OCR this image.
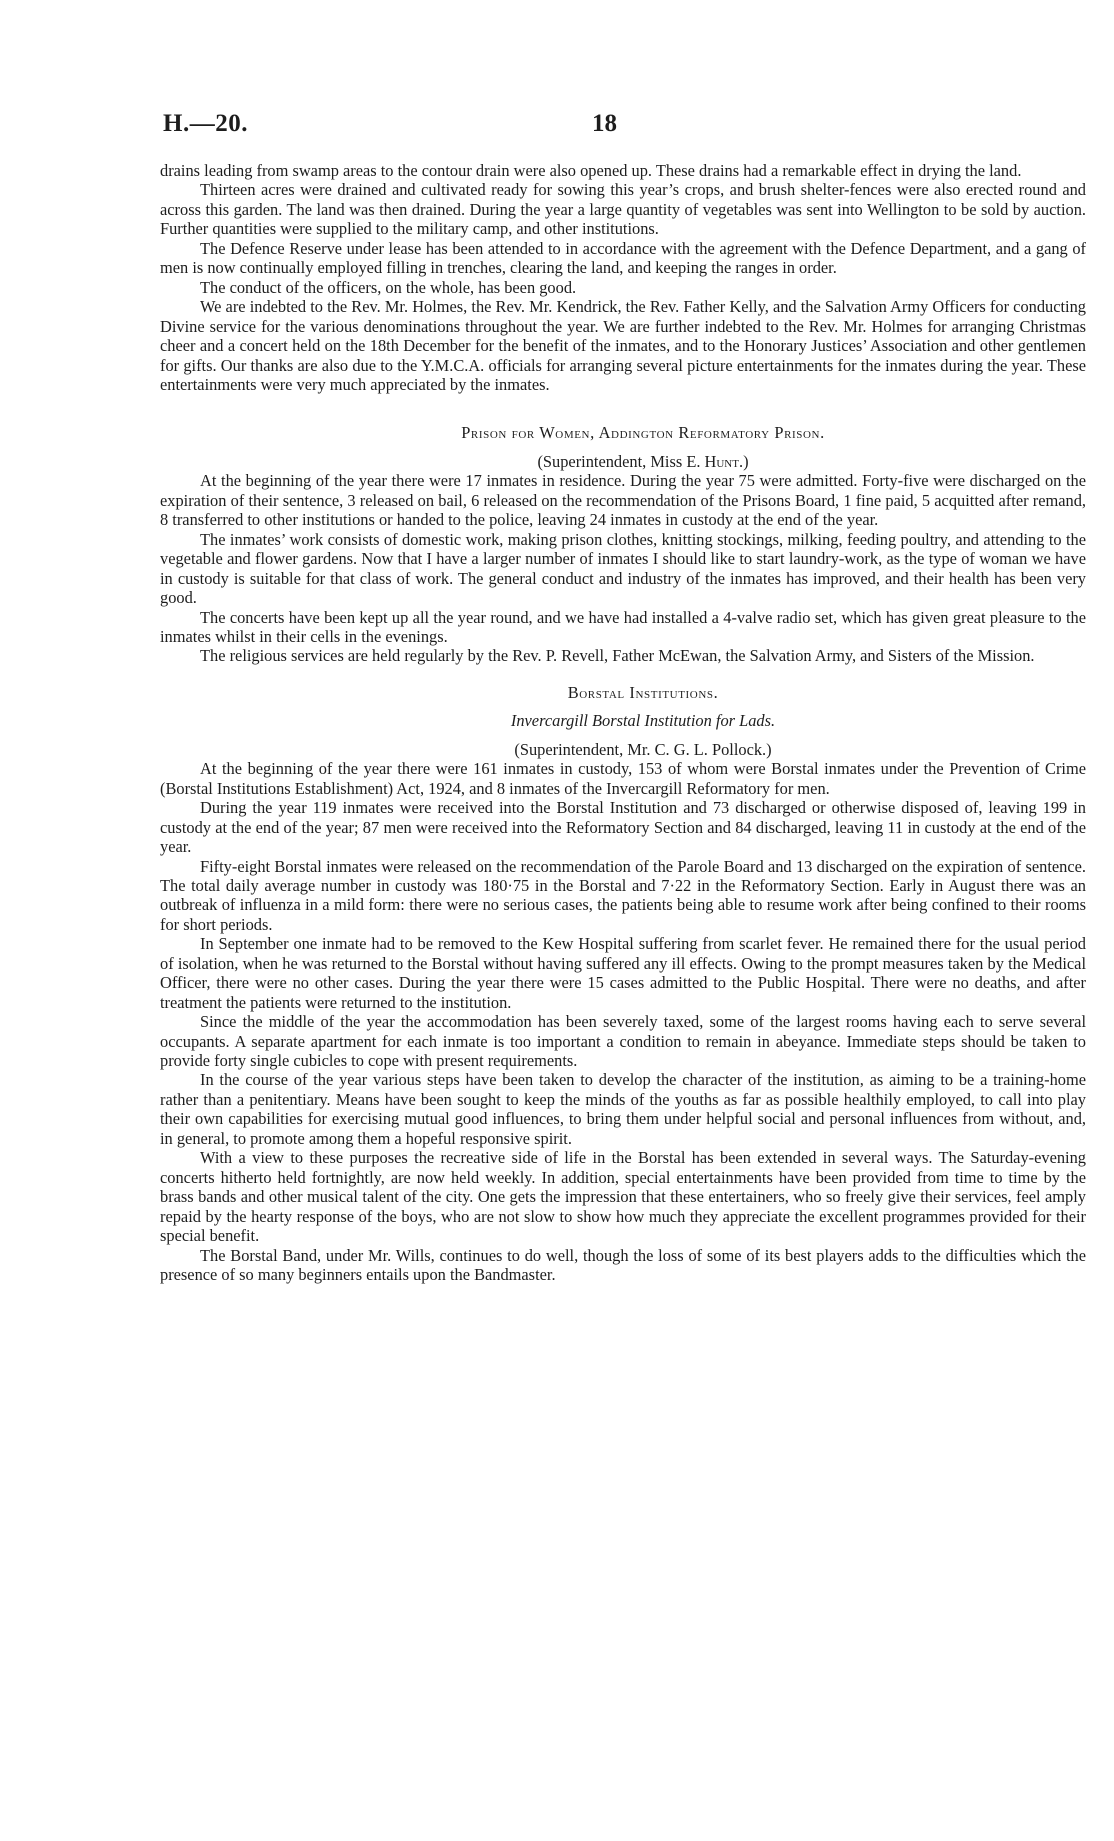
H.—20.	18

drains leading from swamp areas to the contour drain were also opened up. These drains had a remarkable effect in drying the land.

Thirteen acres were drained and cultivated ready for sowing this year’s crops, and brush shelter-fences were also erected round and across this garden. The land was then drained. During the year a large quantity of vegetables was sent into Wellington to be sold by auction. Further quantities were supplied to the military camp, and other institutions.

The Defence Reserve under lease has been attended to in accordance with the agreement with the Defence Department, and a gang of men is now continually employed filling in trenches, clearing the land, and keeping the ranges in order.

The conduct of the officers, on the whole, has been good.

We are indebted to the Rev. Mr. Holmes, the Rev. Mr. Kendrick, the Rev. Father Kelly, and the Salvation Army Officers for conducting Divine service for the various denominations throughout the year. We are further indebted to the Rev. Mr. Holmes for arranging Christmas cheer and a concert held on the 18th December for the benefit of the inmates, and to the Honorary Justices’ Association and other gentlemen for gifts. Our thanks are also due to the Y.M.C.A. officials for arranging several picture entertainments for the inmates during the year. These entertainments were very much appreciated by the inmates.

Prison for Women, Addington Reformatory Prison.

(Superintendent, Miss E. Hunt.)

At the beginning of the year there were 17 inmates in residence. During the year 75 were admitted. Forty-five were discharged on the expiration of their sentence, 3 released on bail, 6 released on the recommendation of the Prisons Board, 1 fine paid, 5 acquitted after remand, 8 transferred to other institutions or handed to the police, leaving 24 inmates in custody at the end of the year.

The inmates’ work consists of domestic work, making prison clothes, knitting stockings, milking, feeding poultry, and attending to the vegetable and flower gardens. Now that I have a larger number of inmates I should like to start laundry-work, as the type of woman we have in custody is suitable for that class of work. The general conduct and industry of the inmates has improved, and their health has been very good.

The concerts have been kept up all the year round, and we have had installed a 4-valve radio set, which has given great pleasure to the inmates whilst in their cells in the evenings.

The religious services are held regularly by the Rev. P. Revell, Father McEwan, the Salvation Army, and Sisters of the Mission.

Borstal Institutions.

Invercargill Borstal Institution for Lads.

(Superintendent, Mr. C. G. L. Pollock.)

At the beginning of the year there were 161 inmates in custody, 153 of whom were Borstal inmates under the Prevention of Crime (Borstal Institutions Establishment) Act, 1924, and 8 inmates of the Invercargill Reformatory for men.

During the year 119 inmates were received into the Borstal Institution and 73 discharged or otherwise disposed of, leaving 199 in custody at the end of the year; 87 men were received into the Reformatory Section and 84 discharged, leaving 11 in custody at the end of the year.

Fifty-eight Borstal inmates were released on the recommendation of the Parole Board and 13 discharged on the expiration of sentence. The total daily average number in custody was 180·75 in the Borstal and 7·22 in the Reformatory Section. Early in August there was an outbreak of influenza in a mild form: there were no serious cases, the patients being able to resume work after being confined to their rooms for short periods.

In September one inmate had to be removed to the Kew Hospital suffering from scarlet fever. He remained there for the usual period of isolation, when he was returned to the Borstal without having suffered any ill effects. Owing to the prompt measures taken by the Medical Officer, there were no other cases. During the year there were 15 cases admitted to the Public Hospital. There were no deaths, and after treatment the patients were returned to the institution.

Since the middle of the year the accommodation has been severely taxed, some of the largest rooms having each to serve several occupants. A separate apartment for each inmate is too important a condition to remain in abeyance. Immediate steps should be taken to provide forty single cubicles to cope with present requirements.

In the course of the year various steps have been taken to develop the character of the institution, as aiming to be a training-home rather than a penitentiary. Means have been sought to keep the minds of the youths as far as possible healthily employed, to call into play their own capabilities for exercising mutual good influences, to bring them under helpful social and personal influences from without, and, in general, to promote among them a hopeful responsive spirit.

With a view to these purposes the recreative side of life in the Borstal has been extended in several ways. The Saturday-evening concerts hitherto held fortnightly, are now held weekly. In addition, special entertainments have been provided from time to time by the brass bands and other musical talent of the city. One gets the impression that these entertainers, who so freely give their services, feel amply repaid by the hearty response of the boys, who are not slow to show how much they appreciate the excellent programmes provided for their special benefit.

The Borstal Band, under Mr. Wills, continues to do well, though the loss of some of its best players adds to the difficulties which the presence of so many beginners entails upon the Bandmaster.
